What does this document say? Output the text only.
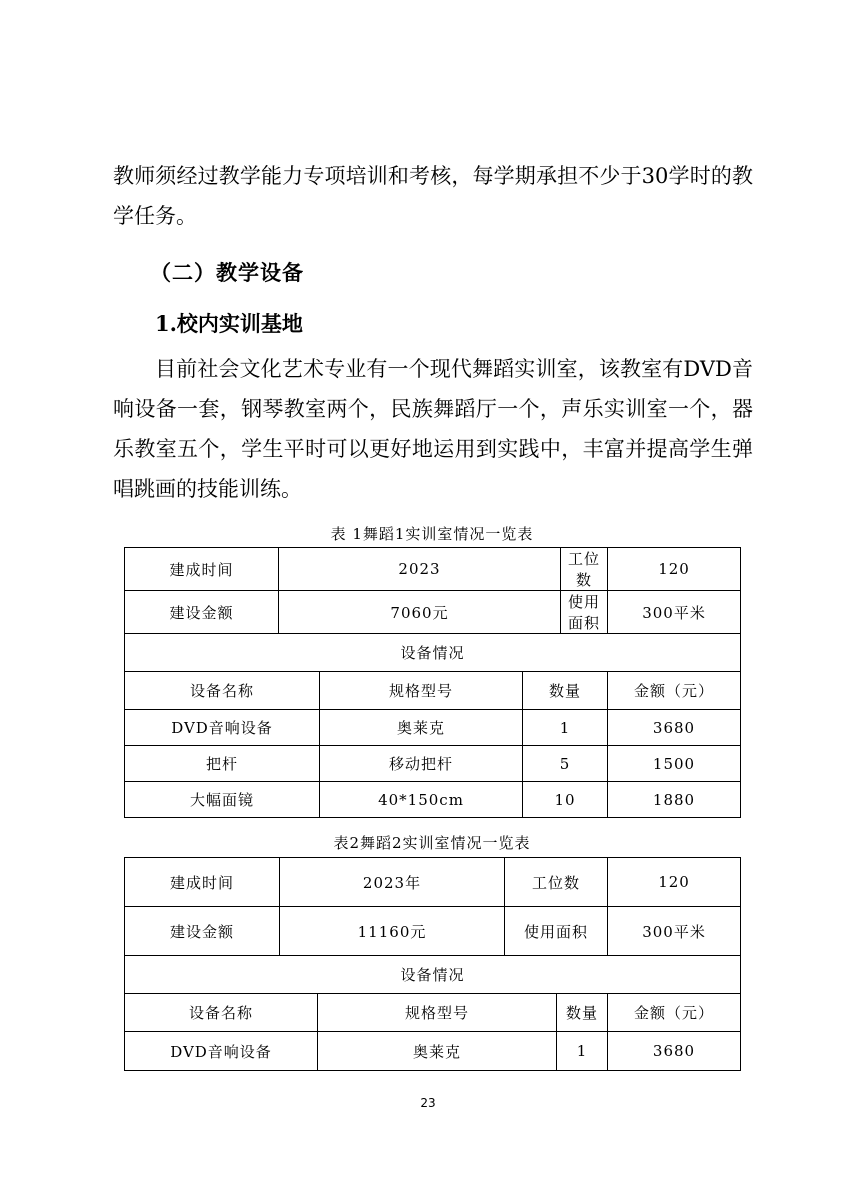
教师须经过教学能力专项培训和考核，每学期承担不少于30学时的教学任务。

（二）教学设备
1.校内实训基地

目前社会文化艺术专业有一个现代舞蹈实训室，该教室有DVD音响设备一套，钢琴教室两个，民族舞蹈厅一个，声乐实训室一个，器乐教室五个，学生平时可以更好地运用到实践中，丰富并提高学生弹唱跳画的技能训练。

表 1舞蹈1实训室情况一览表
建成时间	2023			工位数	120
建设金额	7060元			使用面积	300平米
设备情况					
设备名称		规格型号	数量		金额（元）
DVD音响设备		奥莱克	1		3680
把杆		移动把杆	5		1500
大幅面镜		40*150cm	10		1880
表2舞蹈2实训室情况一览表
建成时间	2023年		工位数		120
建设金额	11160元		使用面积		300平米
设备情况					
设备名称		规格型号		数量	金额（元）
DVD音响设备		奥莱克		1	3680
23
